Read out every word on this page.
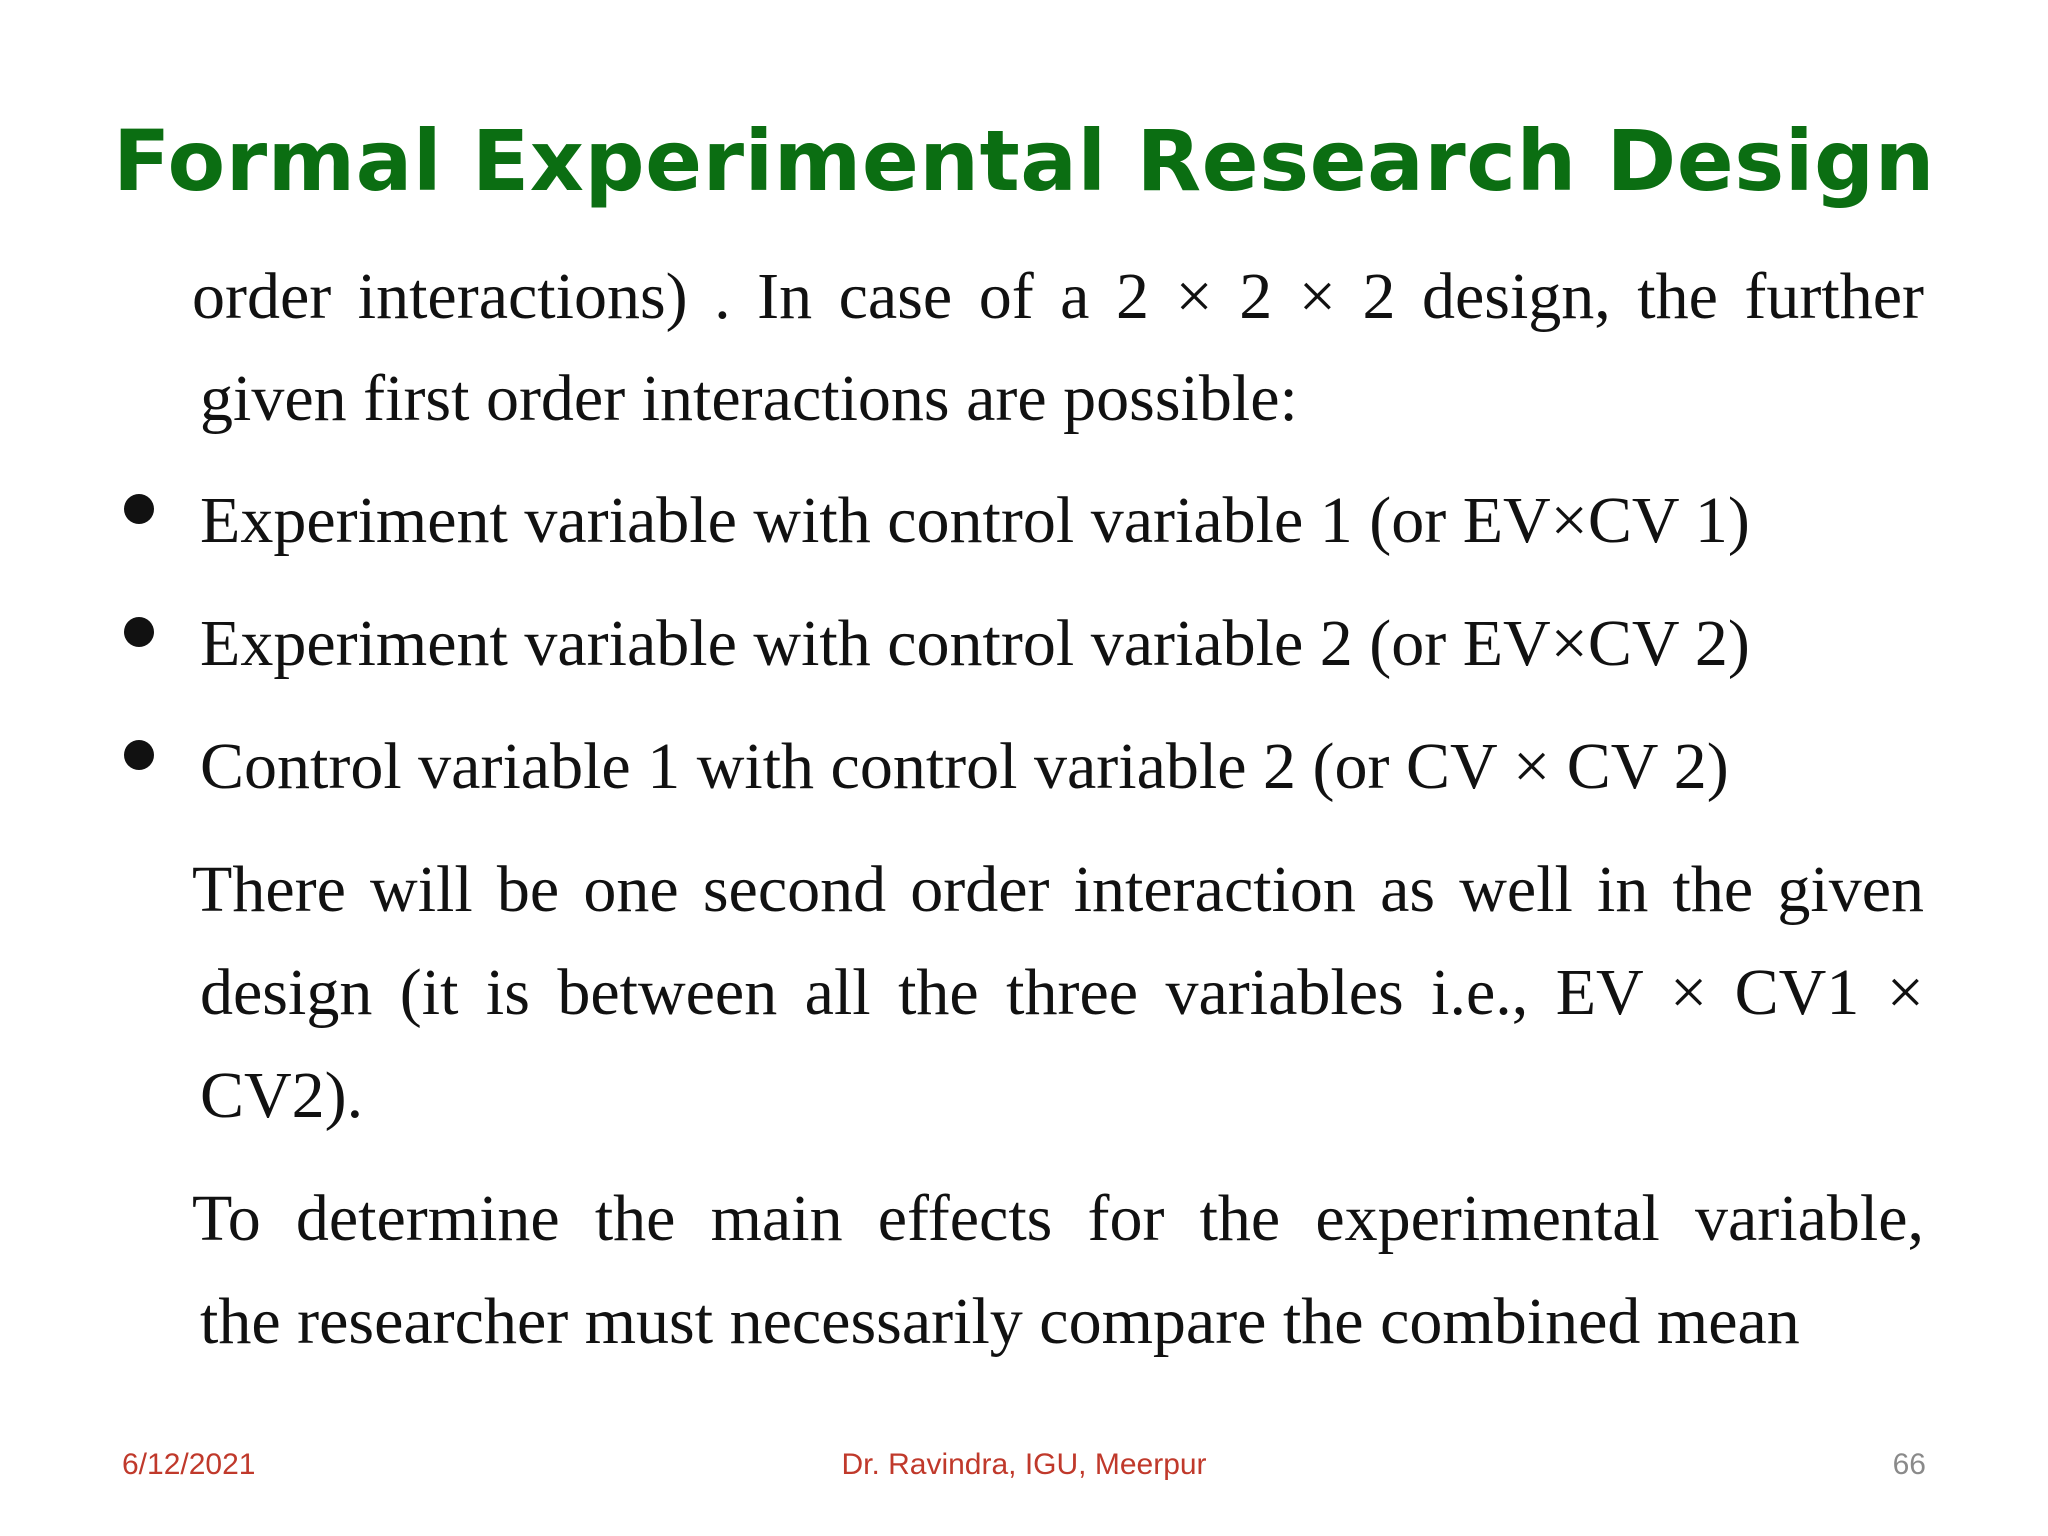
Formal Experimental Research Design
order interactions) . In case of a 2 × 2 × 2 design, the further
given first order interactions are possible:
Experiment variable with control variable 1 (or EV×CV 1)
Experiment variable with control variable 2 (or EV×CV 2)
Control variable 1 with control variable 2 (or CV × CV 2)
There will be one second order interaction as well in the given
design (it is between all the three variables i.e., EV × CV1 ×
CV2).
To determine the main effects for the experimental variable,
the researcher must necessarily compare the combined mean
6/12/2021	Dr. Ravindra, IGU, Meerpur	66
